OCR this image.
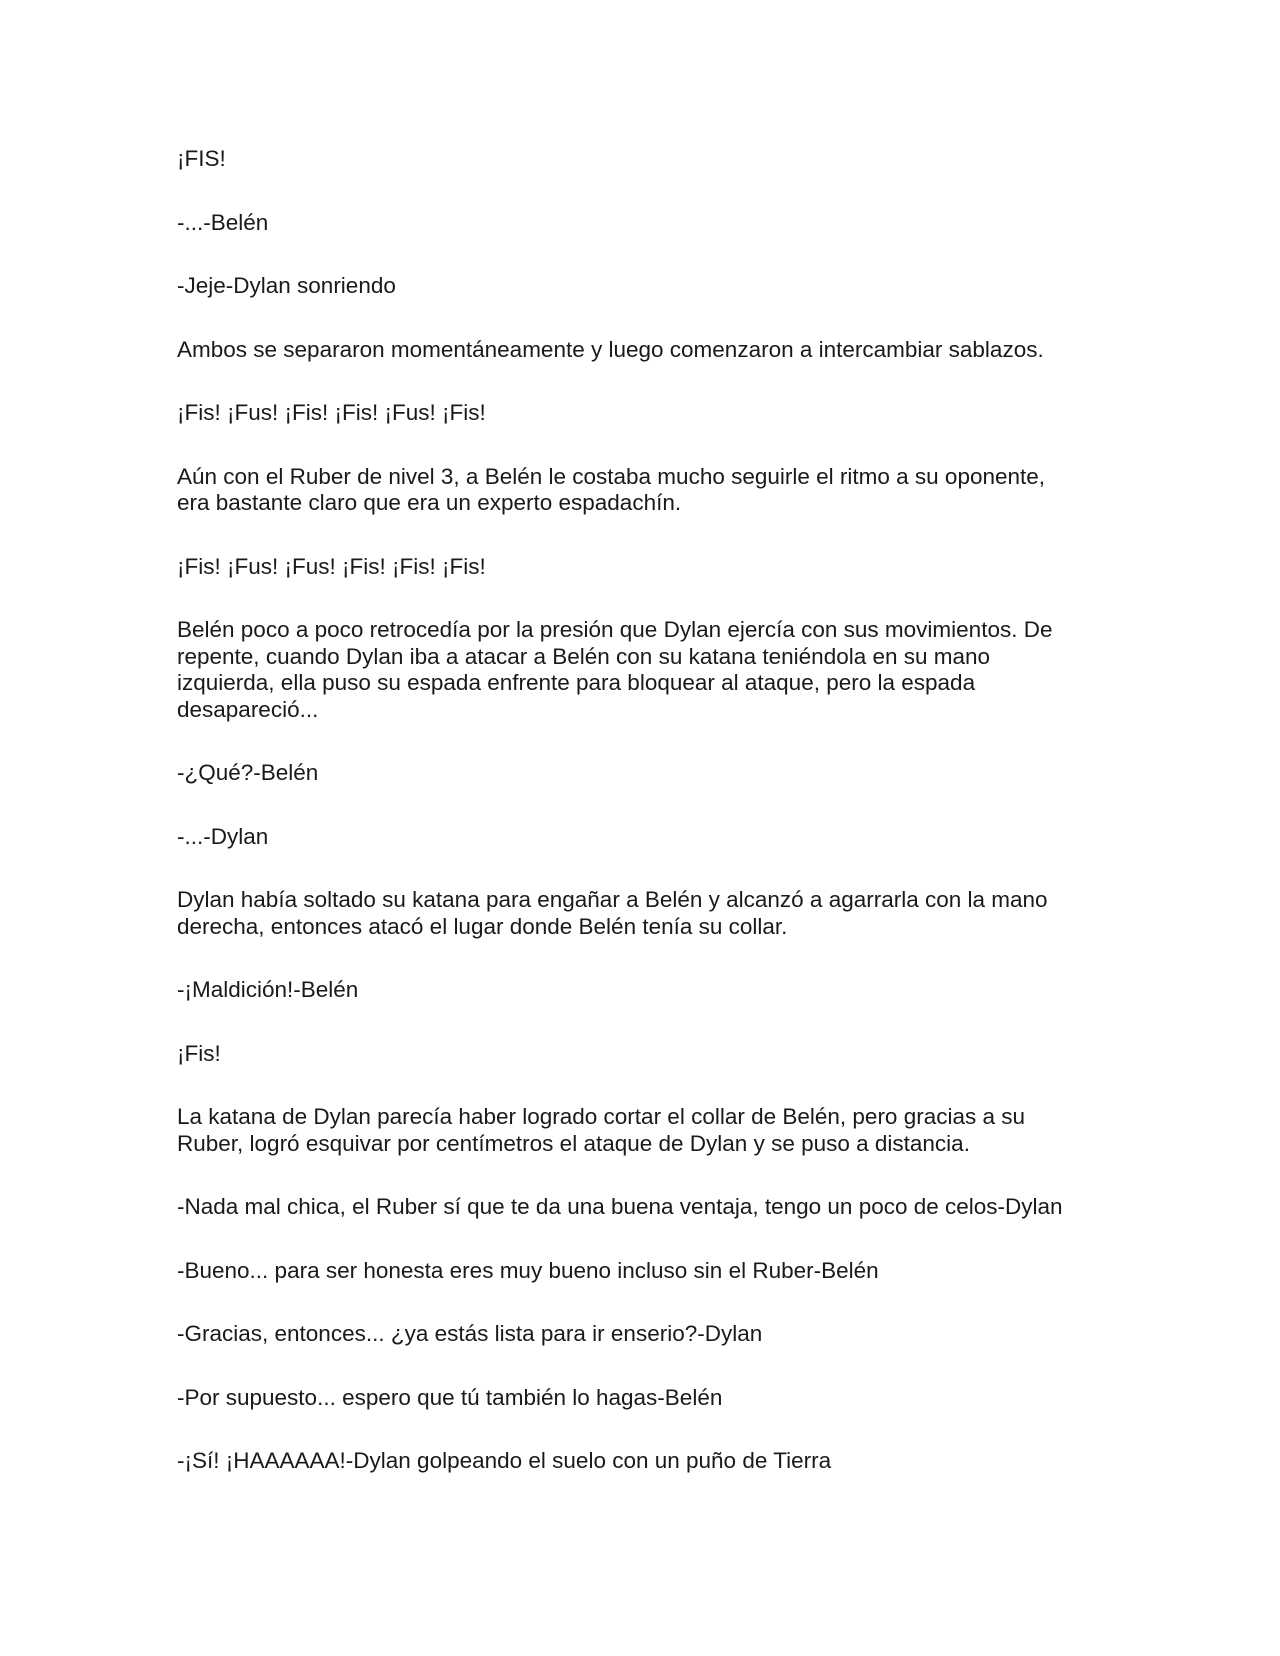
¡FIS!

-...-Belén

-Jeje-Dylan sonriendo

Ambos se separaron momentáneamente y luego comenzaron a intercambiar sablazos.

¡Fis! ¡Fus! ¡Fis! ¡Fis! ¡Fus! ¡Fis!

Aún con el Ruber de nivel 3, a Belén le costaba mucho seguirle el ritmo a su oponente,
era bastante claro que era un experto espadachín.

¡Fis! ¡Fus! ¡Fus! ¡Fis! ¡Fis! ¡Fis!

Belén poco a poco retrocedía por la presión que Dylan ejercía con sus movimientos. De
repente, cuando Dylan iba a atacar a Belén con su katana teniéndola en su mano
izquierda, ella puso su espada enfrente para bloquear al ataque, pero la espada
desapareció...

-¿Qué?-Belén

-...-Dylan

Dylan había soltado su katana para engañar a Belén y alcanzó a agarrarla con la mano
derecha, entonces atacó el lugar donde Belén tenía su collar.

-¡Maldición!-Belén

¡Fis!

La katana de Dylan parecía haber logrado cortar el collar de Belén, pero gracias a su
Ruber, logró esquivar por centímetros el ataque de Dylan y se puso a distancia.

-Nada mal chica, el Ruber sí que te da una buena ventaja, tengo un poco de celos-Dylan

-Bueno... para ser honesta eres muy bueno incluso sin el Ruber-Belén

-Gracias, entonces... ¿ya estás lista para ir enserio?-Dylan

-Por supuesto... espero que tú también lo hagas-Belén

-¡Sí! ¡HAAAAAA!-Dylan golpeando el suelo con un puño de Tierra
